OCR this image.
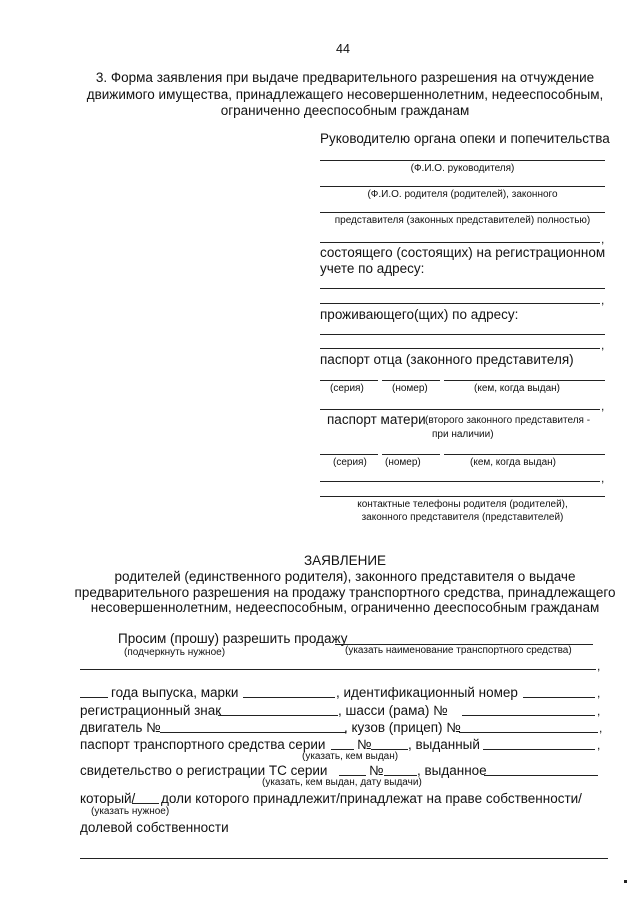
44
3. Форма заявления при выдаче предварительного разрешения на отчуждение
движимого имущества, принадлежащего несовершеннолетним, недееспособным,
ограниченно дееспособным гражданам
Руководителю органа опеки и попечительства
(Ф.И.О. руководителя)
(Ф.И.О. родителя (родителей), законного
представителя (законных представителей) полностью)
,
состоящего (состоящих) на регистрационном
учете по адресу:
,
проживающего(щих) по адресу:
,
паспорт отца (законного представителя)
(серия)	(номер)	(кем, когда выдан)
,
паспорт матери (второго законного представителя -
при наличии)
(серия) (номер)	(кем, когда выдан)
,
контактные телефоны родителя (родителей),
законного представителя (представителей)
ЗАЯВЛЕНИЕ
родителей (единственного родителя), законного представителя о выдаче
предварительного разрешения на продажу транспортного средства, принадлежащего
несовершеннолетним, недееспособным, ограниченно дееспособным гражданам
Просим (прошу) разрешить продажу
(подчеркнуть нужное)	(указать наименование транспортного средства)
,
года выпуска, марки	, идентификационный номер	,
регистрационный знак	, шасси (рама) №	,
двигатель №	, кузов (прицеп) №	,
паспорт транспортного средства серии №	, выданный	,
(указать, кем выдан)
свидетельство о регистрации ТС серии	№ , выданное
(указать, кем выдан, дату выдачи)
который/ доли которого принадлежит/принадлежат на праве собственности/
(указать нужное)
долевой собственности
